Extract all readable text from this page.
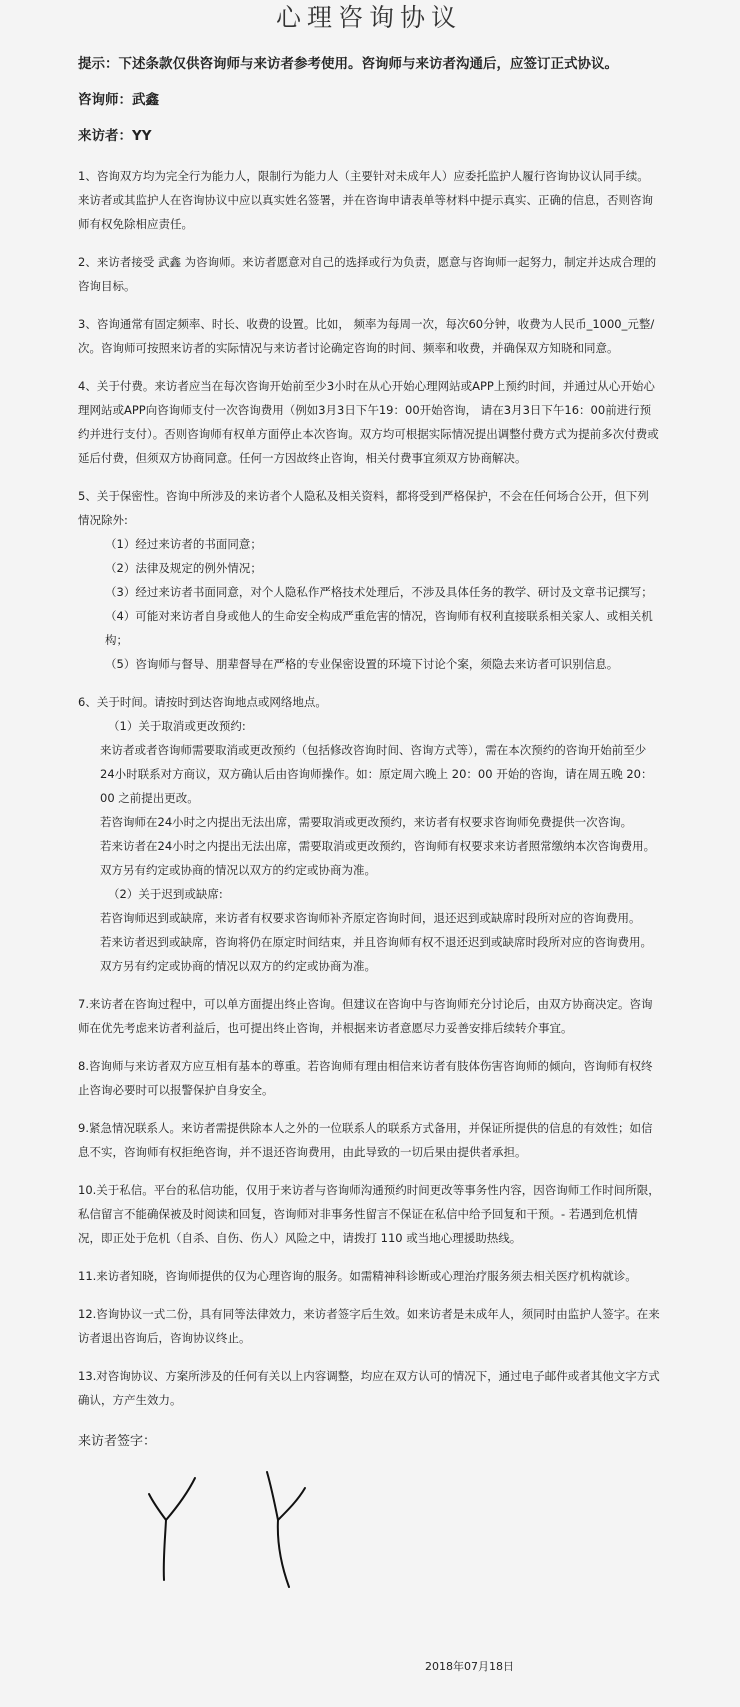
心理咨询协议
提示：下述条款仅供咨询师与来访者参考使用。咨询师与来访者沟通后，应签订正式协议。
咨询师：武鑫
来访者：YY
1、咨询双方均为完全行为能力人，限制行为能力人（主要针对未成年人）应委托监护人履行咨询协议认同手续。来访者或其监护人在咨询协议中应以真实姓名签署，并在咨询申请表单等材料中提示真实、正确的信息，否则咨询师有权免除相应责任。
2、来访者接受 武鑫 为咨询师。来访者愿意对自己的选择或行为负责，愿意与咨询师一起努力，制定并达成合理的咨询目标。
3、咨询通常有固定频率、时长、收费的设置。比如， 频率为每周一次，每次60分钟，收费为人民币_1000_元整/次。咨询师可按照来访者的实际情况与来访者讨论确定咨询的时间、频率和收费，并确保双方知晓和同意。
4、关于付费。来访者应当在每次咨询开始前至少3小时在从心开始心理网站或APP上预约时间，并通过从心开始心理网站或APP向咨询师支付一次咨询费用（例如3月3日下午19：00开始咨询， 请在3月3日下午16：00前进行预约并进行支付）。否则咨询师有权单方面停止本次咨询。双方均可根据实际情况提出调整付费方式为提前多次付费或延后付费，但须双方协商同意。任何一方因故终止咨询，相关付费事宜须双方协商解决。
5、关于保密性。咨询中所涉及的来访者个人隐私及相关资料，都将受到严格保护，不会在任何场合公开，但下列情况除外:
（1）经过来访者的书面同意；
（2）法律及规定的例外情况；
（3）经过来访者书面同意，对个人隐私作严格技术处理后，不涉及具体任务的教学、研讨及文章书记撰写；
（4）可能对来访者自身或他人的生命安全构成严重危害的情况，咨询师有权利直接联系相关家人、或相关机构；
（5）咨询师与督导、朋辈督导在严格的专业保密设置的环境下讨论个案，须隐去来访者可识别信息。
6、关于时间。请按时到达咨询地点或网络地点。
（1）关于取消或更改预约:
来访者或者咨询师需要取消或更改预约（包括修改咨询时间、咨询方式等），需在本次预约的咨询开始前至少24小时联系对方商议，双方确认后由咨询师操作。如：原定周六晚上 20：00 开始的咨询，请在周五晚 20：00 之前提出更改。
若咨询师在24小时之内提出无法出席，需要取消或更改预约，来访者有权要求咨询师免费提供一次咨询。
若来访者在24小时之内提出无法出席，需要取消或更改预约，咨询师有权要求来访者照常缴纳本次咨询费用。
双方另有约定或协商的情况以双方的约定或协商为准。
（2）关于迟到或缺席:
若咨询师迟到或缺席，来访者有权要求咨询师补齐原定咨询时间，退还迟到或缺席时段所对应的咨询费用。
若来访者迟到或缺席，咨询将仍在原定时间结束，并且咨询师有权不退还迟到或缺席时段所对应的咨询费用。
双方另有约定或协商的情况以双方的约定或协商为准。
7.来访者在咨询过程中，可以单方面提出终止咨询。但建议在咨询中与咨询师充分讨论后，由双方协商决定。咨询师在优先考虑来访者利益后，也可提出终止咨询，并根据来访者意愿尽力妥善安排后续转介事宜。
8.咨询师与来访者双方应互相有基本的尊重。若咨询师有理由相信来访者有肢体伤害咨询师的倾向，咨询师有权终止咨询必要时可以报警保护自身安全。
9.紧急情况联系人。来访者需提供除本人之外的一位联系人的联系方式备用，并保证所提供的信息的有效性；如信息不实，咨询师有权拒绝咨询，并不退还咨询费用，由此导致的一切后果由提供者承担。
10.关于私信。平台的私信功能，仅用于来访者与咨询师沟通预约时间更改等事务性内容，因咨询师工作时间所限，私信留言不能确保被及时阅读和回复，咨询师对非事务性留言不保证在私信中给予回复和干预。- 若遇到危机情况，即正处于危机（自杀、自伤、伤人）风险之中，请拨打 110 或当地心理援助热线。
11.来访者知晓，咨询师提供的仅为心理咨询的服务。如需精神科诊断或心理治疗服务须去相关医疗机构就诊。
12.咨询协议一式二份，具有同等法律效力，来访者签字后生效。如来访者是未成年人，须同时由监护人签字。在来访者退出咨询后，咨询协议终止。
13.对咨询协议、方案所涉及的任何有关以上内容调整，均应在双方认可的情况下，通过电子邮件或者其他文字方式确认，方产生效力。
来访者签字：
2018年07月18日
